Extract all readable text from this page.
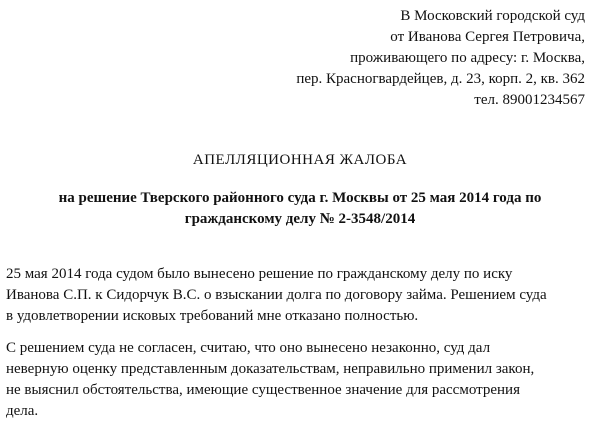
В Московский городской суд
от Иванова Сергея Петровича,
проживающего по адресу: г. Москва,
пер. Красногвардейцев, д. 23, корп. 2, кв. 362
тел. 89001234567
АПЕЛЛЯЦИОННАЯ ЖАЛОБА
на решение Тверского районного суда г. Москвы от 25 мая 2014 года по
гражданскому делу № 2-3548/2014
25 мая 2014 года судом было вынесено решение по гражданскому делу по иску
Иванова С.П. к Сидорчук В.С. о взыскании долга по договору займа. Решением суда
в удовлетворении исковых требований мне отказано полностью.
С решением суда не согласен, считаю, что оно вынесено незаконно, суд дал
неверную оценку представленным доказательствам, неправильно применил закон,
не выяснил обстоятельства, имеющие существенное значение для рассмотрения
дела.
